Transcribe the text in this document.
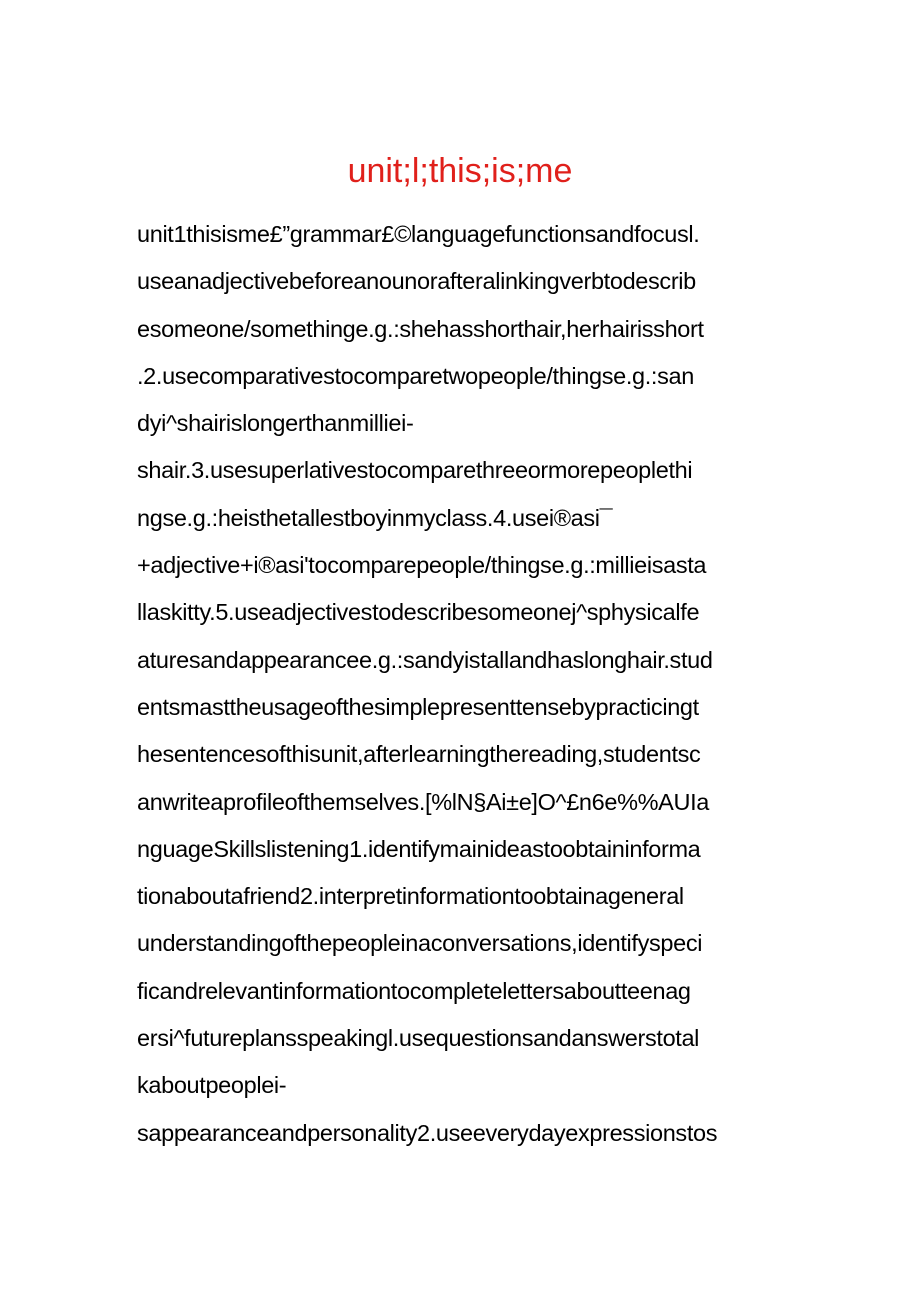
unit;l;this;is;me
unit1thisisme£”grammar£©languagefunctionsandfocusl.
useanadjectivebeforeanounorafteralinkingverbtodescrib
esomeone/somethinge.g.:shehasshorthair,herhairisshort
.2.usecomparativestocomparetwopeople/thingse.g.:san
dyi^shairislongerthanmilliei-
shair.3.usesuperlativestocomparethreeormorepeoplethi
ngse.g.:heisthetallestboyinmyclass.4.usei®asi¯
+adjective+i®asi'tocomparepeople/thingse.g.:millieisasta
llaskitty.5.useadjectivestodescribesomeonej^sphysicalfe
aturesandappearancee.g.:sandyistallandhaslonghair.stud
entsmasttheusageofthesimplepresenttensebypracticingt
hesentencesofthisunit,afterlearningthereading,studentsc
anwriteaprofileofthemselves.[%lN§Ai±e]O^£n6e%%AUIa
nguageSkillslistening1.identifymainideastoobtaininforma
tionaboutafriend2.interpretinformationtoobtainageneral
understandingofthepeopleinaconversations,identifyspeci
ficandrelevantinformationtocompletelettersaboutteenag
ersi^futureplansspeakingl.usequestionsandanswerstotal
kaboutpeoplei-
sappearanceandpersonality2.useeverydayexpressionstos
